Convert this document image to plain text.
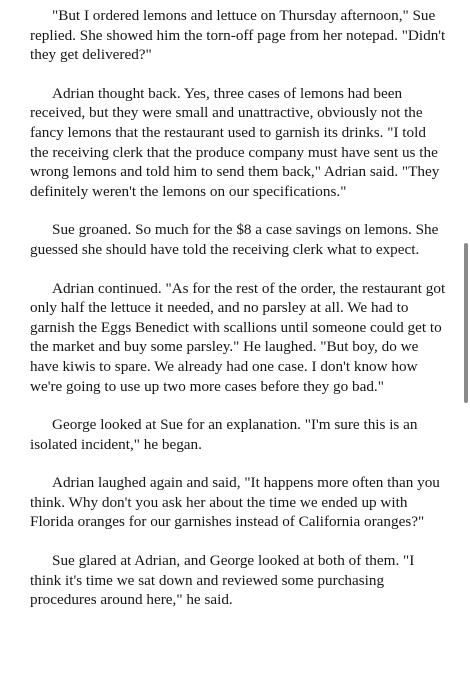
"But I ordered lemons and lettuce on Thursday afternoon," Sue replied. She showed him the torn-off page from her notepad. "Didn't they get delivered?"

Adrian thought back. Yes, three cases of lemons had been received, but they were small and unattractive, obviously not the fancy lemons that the restaurant used to garnish its drinks. "I told the receiving clerk that the produce company must have sent us the wrong lemons and told him to send them back," Adrian said. "They definitely weren't the lemons on our specifications."

Sue groaned. So much for the $8 a case savings on lemons. She guessed she should have told the receiving clerk what to expect.

Adrian continued. "As for the rest of the order, the restaurant got only half the lettuce it needed, and no parsley at all. We had to garnish the Eggs Benedict with scallions until someone could get to the market and buy some parsley." He laughed. "But boy, do we have kiwis to spare. We already had one case. I don't know how we're going to use up two more cases before they go bad."

George looked at Sue for an explanation. "I'm sure this is an isolated incident," he began.

Adrian laughed again and said, "It happens more often than you think. Why don't you ask her about the time we ended up with Florida oranges for our garnishes instead of California oranges?"

Sue glared at Adrian, and George looked at both of them. "I think it's time we sat down and reviewed some purchasing procedures around here," he said.
